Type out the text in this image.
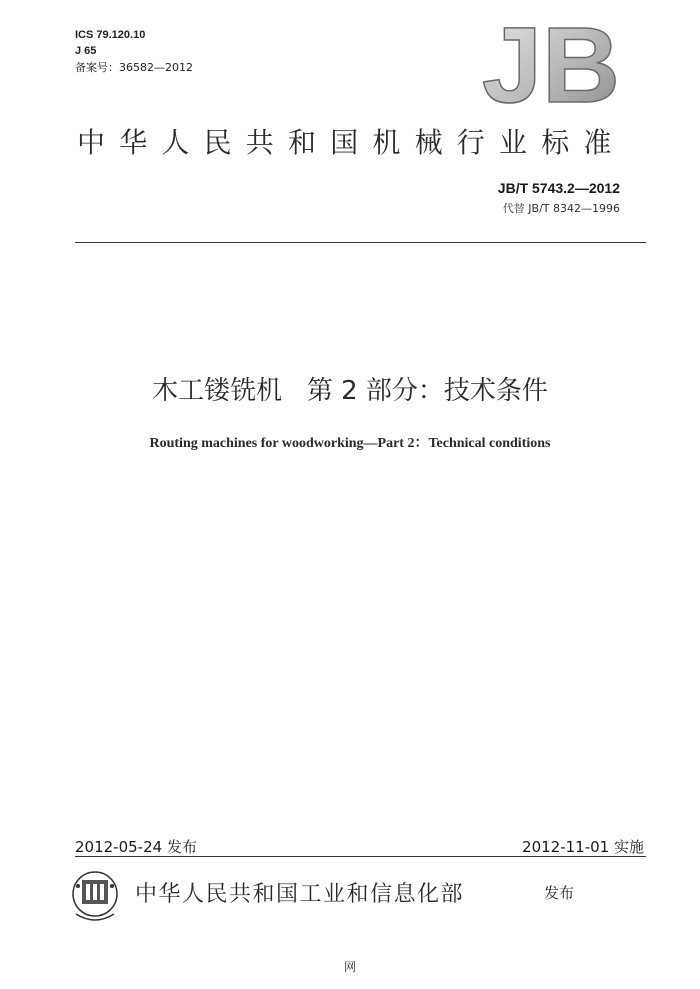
ICS 79.120.10
J 65
备案号：36582—2012	JB
中华人民共和国机械行业标准
JB/T 5743.2—2012
代替 JB/T 8342—1996
木工镂铣机   第 2 部分：技术条件
Routing machines for woodworking—Part 2：Technical conditions
2012-05-24 发布	2012-11-01 实施
中华人民共和国工业和信息化部	发布
网
